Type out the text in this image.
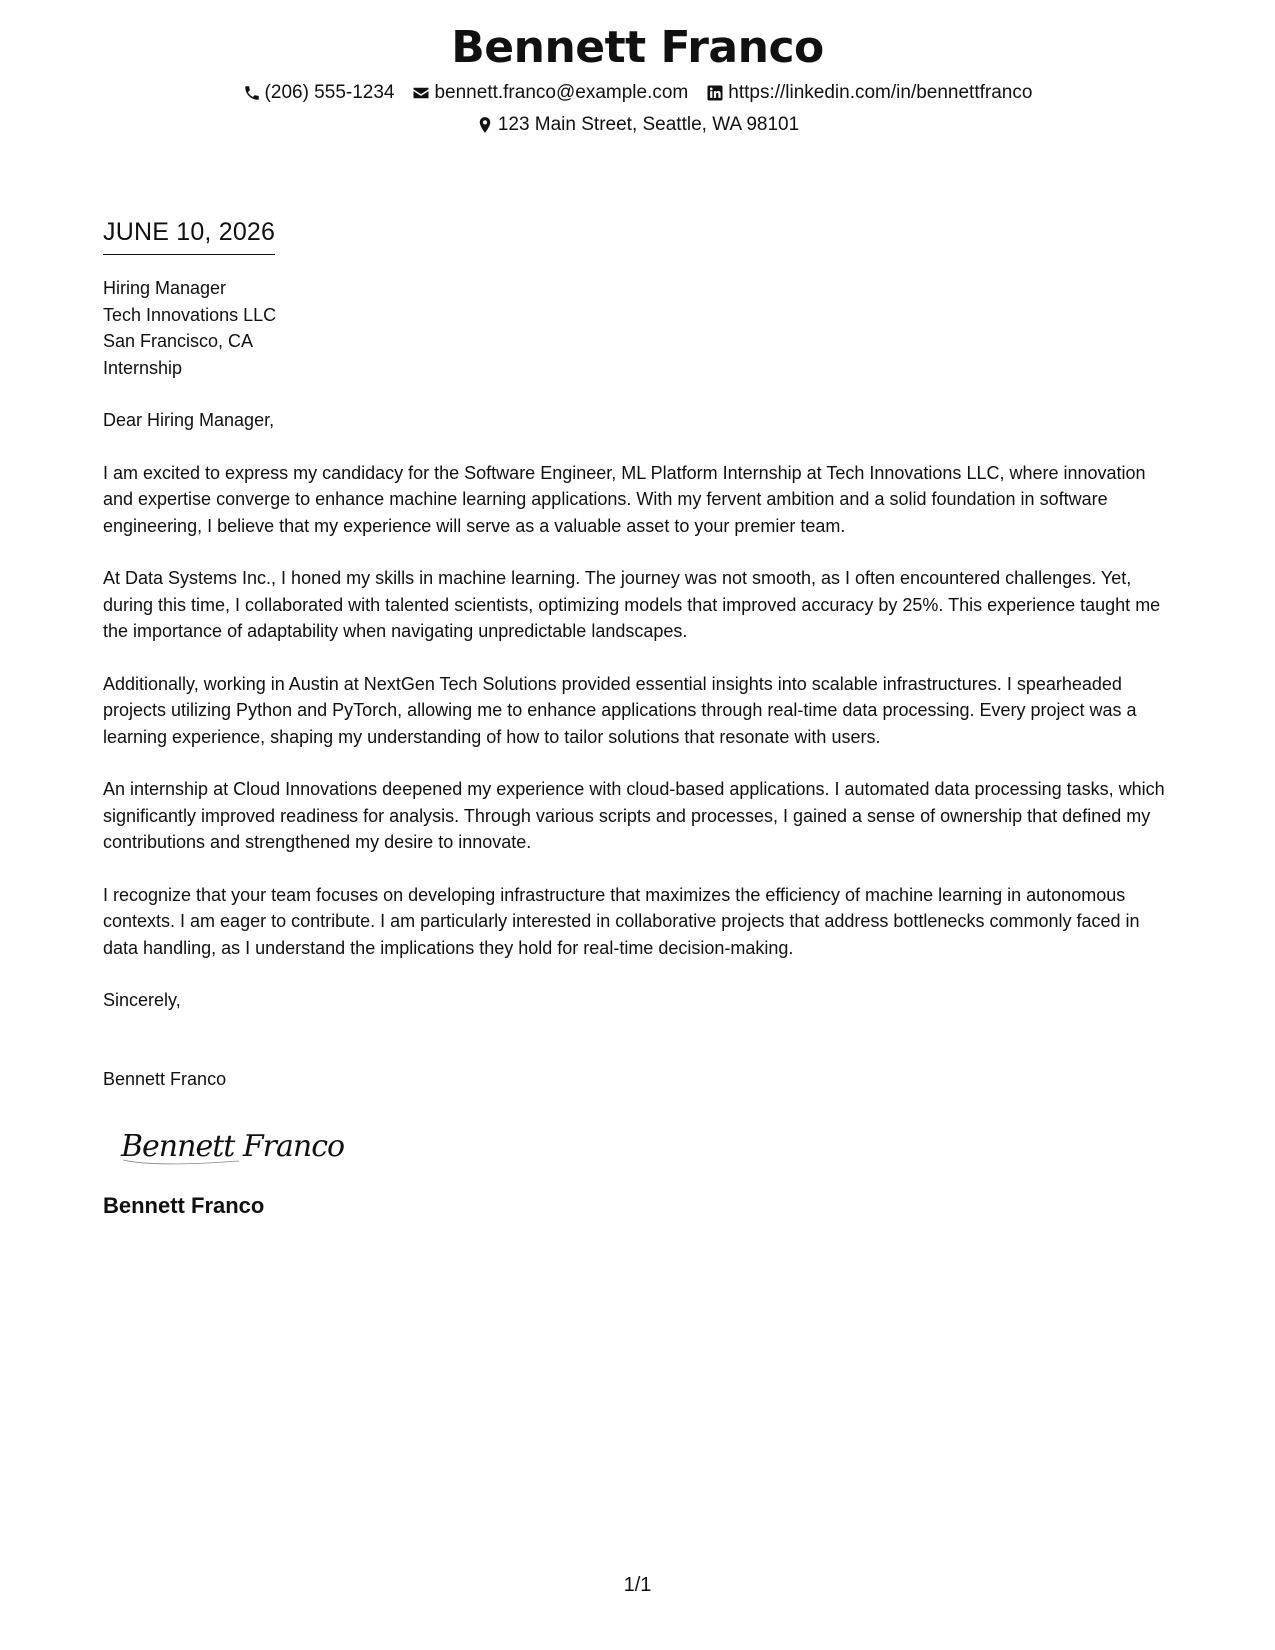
Bennett Franco
(206) 555-1234 bennett.franco@example.com https://linkedin.com/in/bennettfranco
123 Main Street, Seattle, WA 98101
JUNE 10, 2026
Hiring Manager
Tech Innovations LLC
San Francisco, CA
Internship
Dear Hiring Manager,

I am excited to express my candidacy for the Software Engineer, ML Platform Internship at Tech Innovations LLC, where innovation and expertise converge to enhance machine learning applications. With my fervent ambition and a solid foundation in software engineering, I believe that my experience will serve as a valuable asset to your premier team.

At Data Systems Inc., I honed my skills in machine learning. The journey was not smooth, as I often encountered challenges. Yet, during this time, I collaborated with talented scientists, optimizing models that improved accuracy by 25%. This experience taught me the importance of adaptability when navigating unpredictable landscapes.

Additionally, working in Austin at NextGen Tech Solutions provided essential insights into scalable infrastructures. I spearheaded projects utilizing Python and PyTorch, allowing me to enhance applications through real-time data processing. Every project was a learning experience, shaping my understanding of how to tailor solutions that resonate with users.

An internship at Cloud Innovations deepened my experience with cloud-based applications. I automated data processing tasks, which significantly improved readiness for analysis. Through various scripts and processes, I gained a sense of ownership that defined my contributions and strengthened my desire to innovate.

I recognize that your team focuses on developing infrastructure that maximizes the efficiency of machine learning in autonomous contexts. I am eager to contribute. I am particularly interested in collaborative projects that address bottlenecks commonly faced in data handling, as I understand the implications they hold for real-time decision-making.

Sincerely,
Bennett Franco
Bennett Franco
Bennett Franco
1/1
